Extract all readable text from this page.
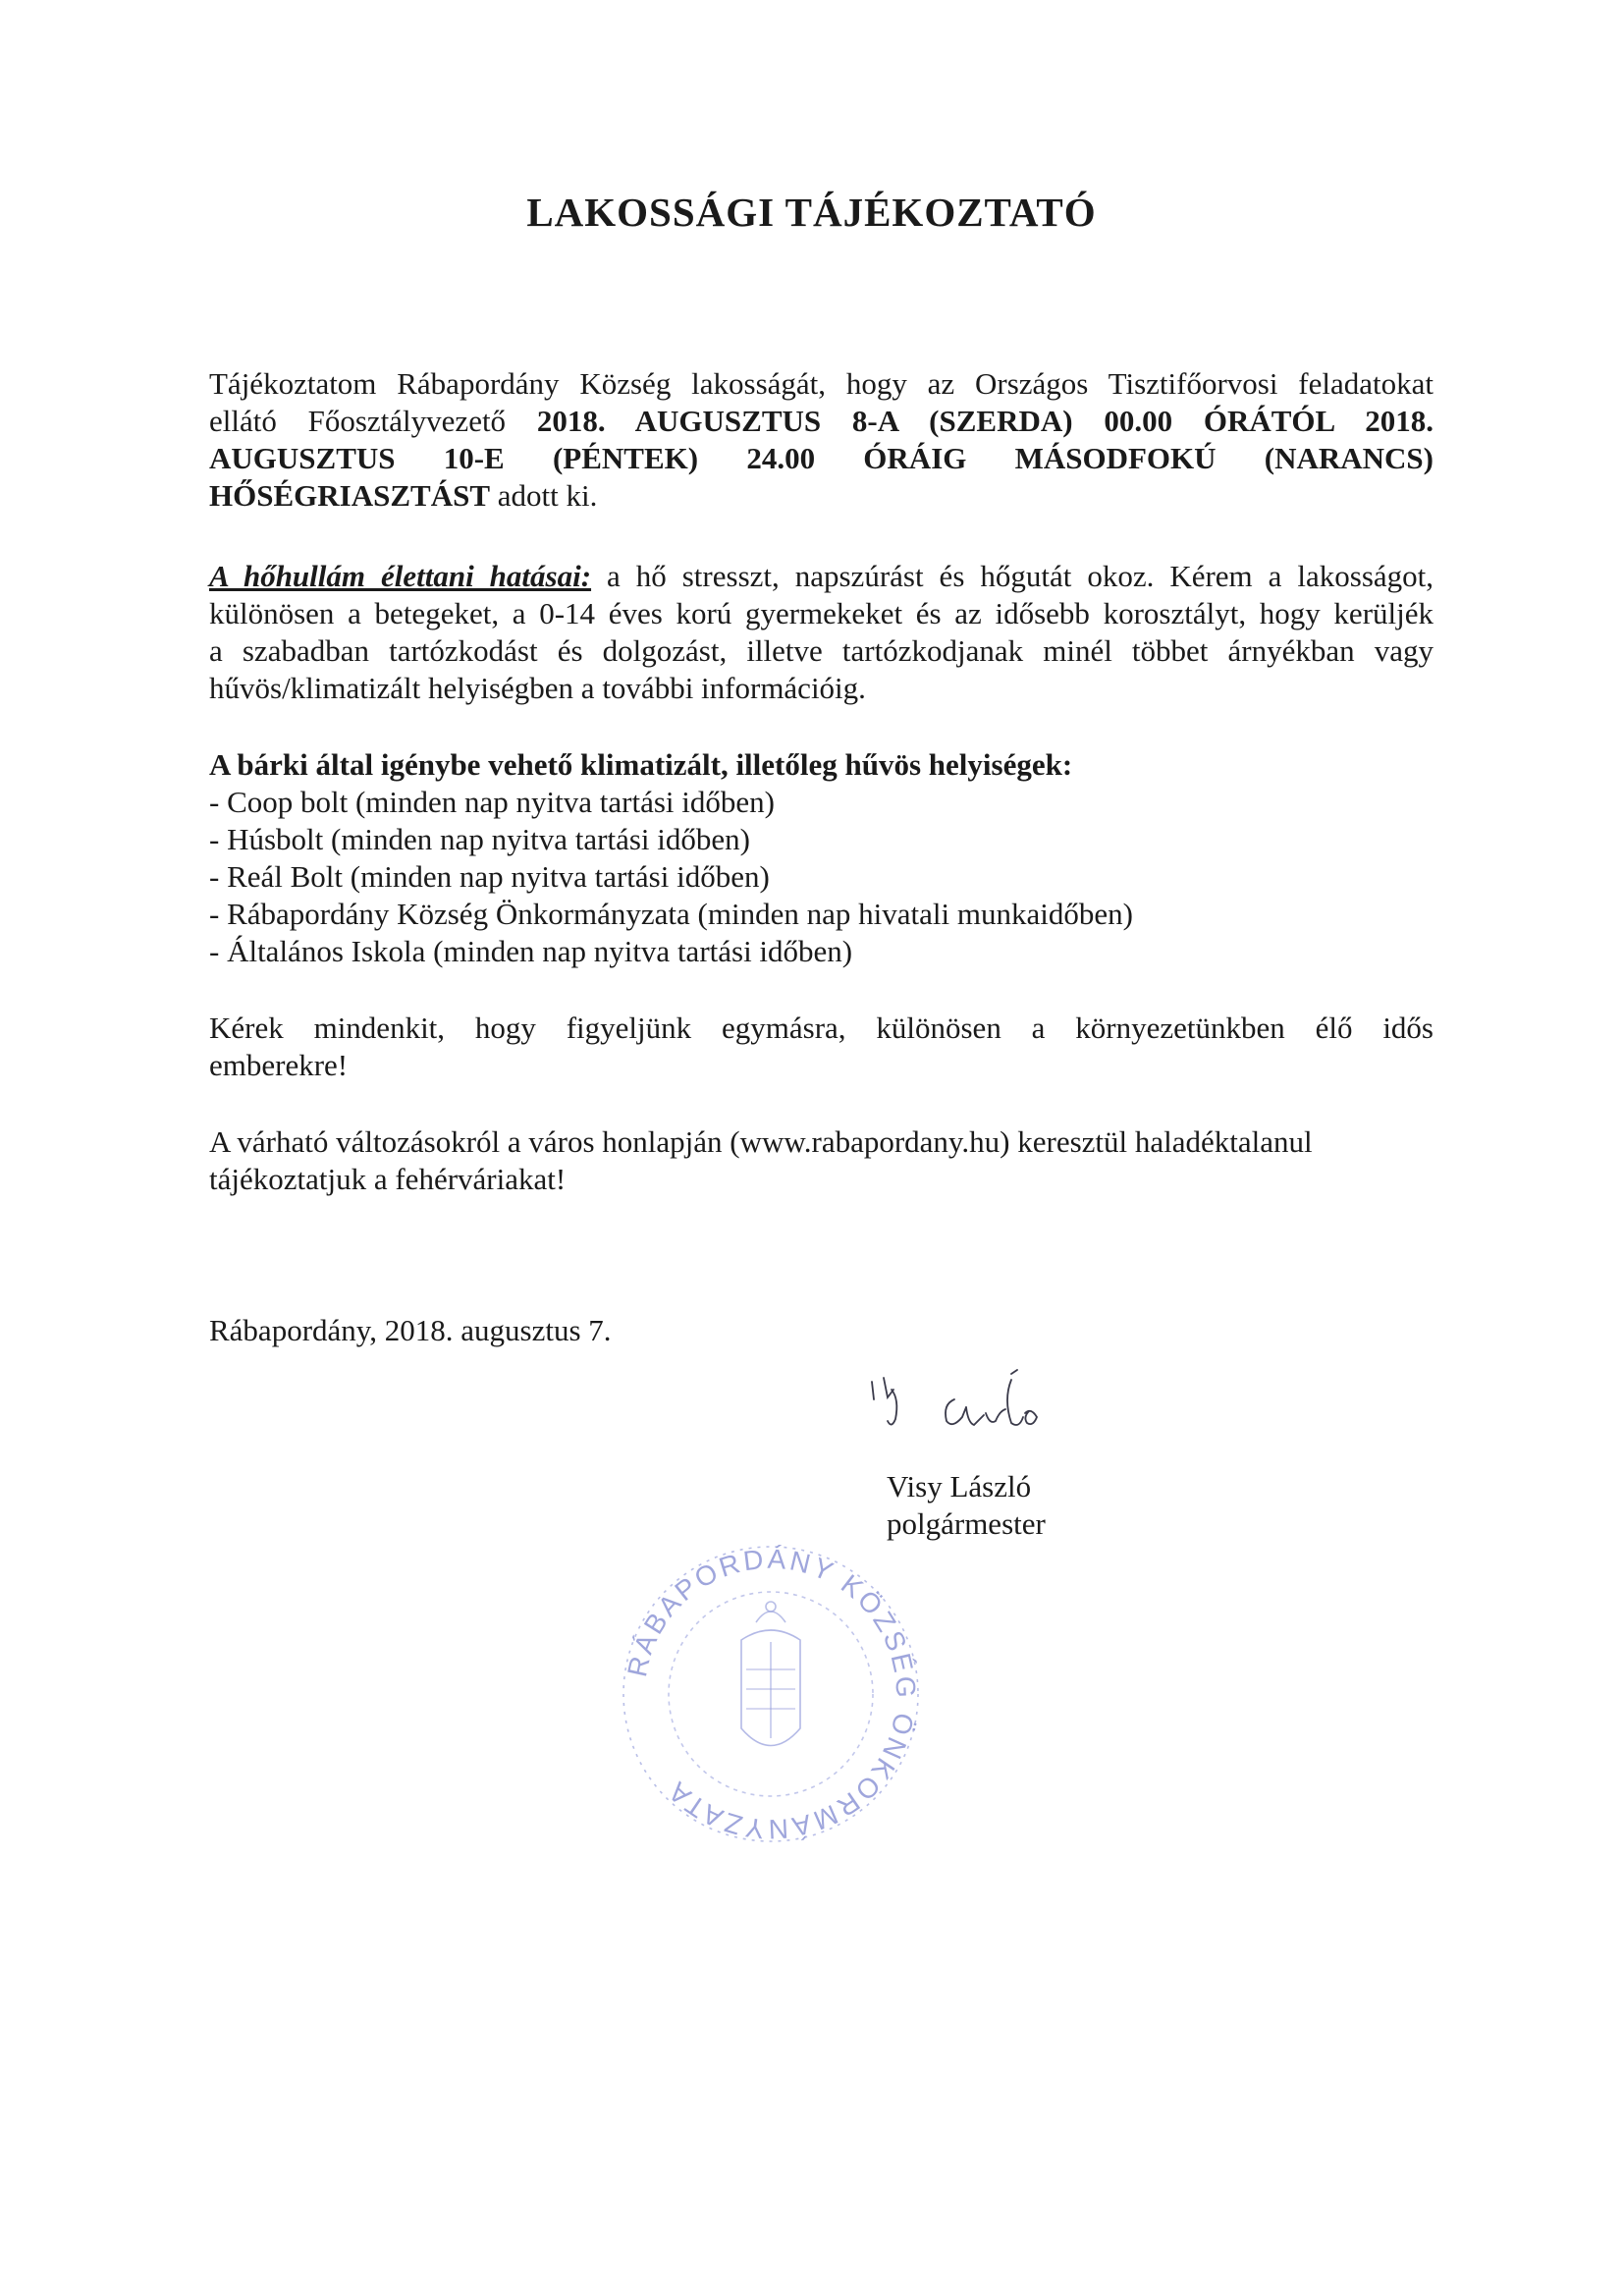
LAKOSSÁGI TÁJÉKOZTATÓ
Tájékoztatom Rábapordány Község lakosságát, hogy az Országos Tisztifőorvosi feladatokat
ellátó Főosztályvezető 2018. AUGUSZTUS 8-A (SZERDA) 00.00 ÓRÁTÓL 2018.
AUGUSZTUS 10-E (PÉNTEK) 24.00 ÓRÁIG MÁSODFOKÚ (NARANCS)
HŐSÉGRIASZTÁST adott ki.
A hőhullám élettani hatásai: a hő stresszt, napszúrást és hőgutát okoz. Kérem a lakosságot,
különösen a betegeket, a 0-14 éves korú gyermekeket és az idősebb korosztályt, hogy kerüljék
a szabadban tartózkodást és dolgozást, illetve tartózkodjanak minél többet árnyékban vagy
hűvös/klimatizált helyiségben a további információig.
A bárki által igénybe vehető klimatizált, illetőleg hűvös helyiségek:
- Coop bolt (minden nap nyitva tartási időben)
- Húsbolt (minden nap nyitva tartási időben)
- Reál Bolt (minden nap nyitva tartási időben)
- Rábapordány Község Önkormányzata (minden nap hivatali munkaidőben)
- Általános Iskola (minden nap nyitva tartási időben)
Kérek mindenkit, hogy figyeljünk egymásra, különösen a környezetünkben élő idős
emberekre!
A várható változásokról a város honlapján (www.rabapordany.hu) keresztül haladéktalanul
tájékoztatjuk a fehérváriakat!
Rábapordány, 2018. augusztus 7.
Visy László
polgármester
RÁBAPORDÁNY KÖZSÉG ÖNKORMÁNYZATA
